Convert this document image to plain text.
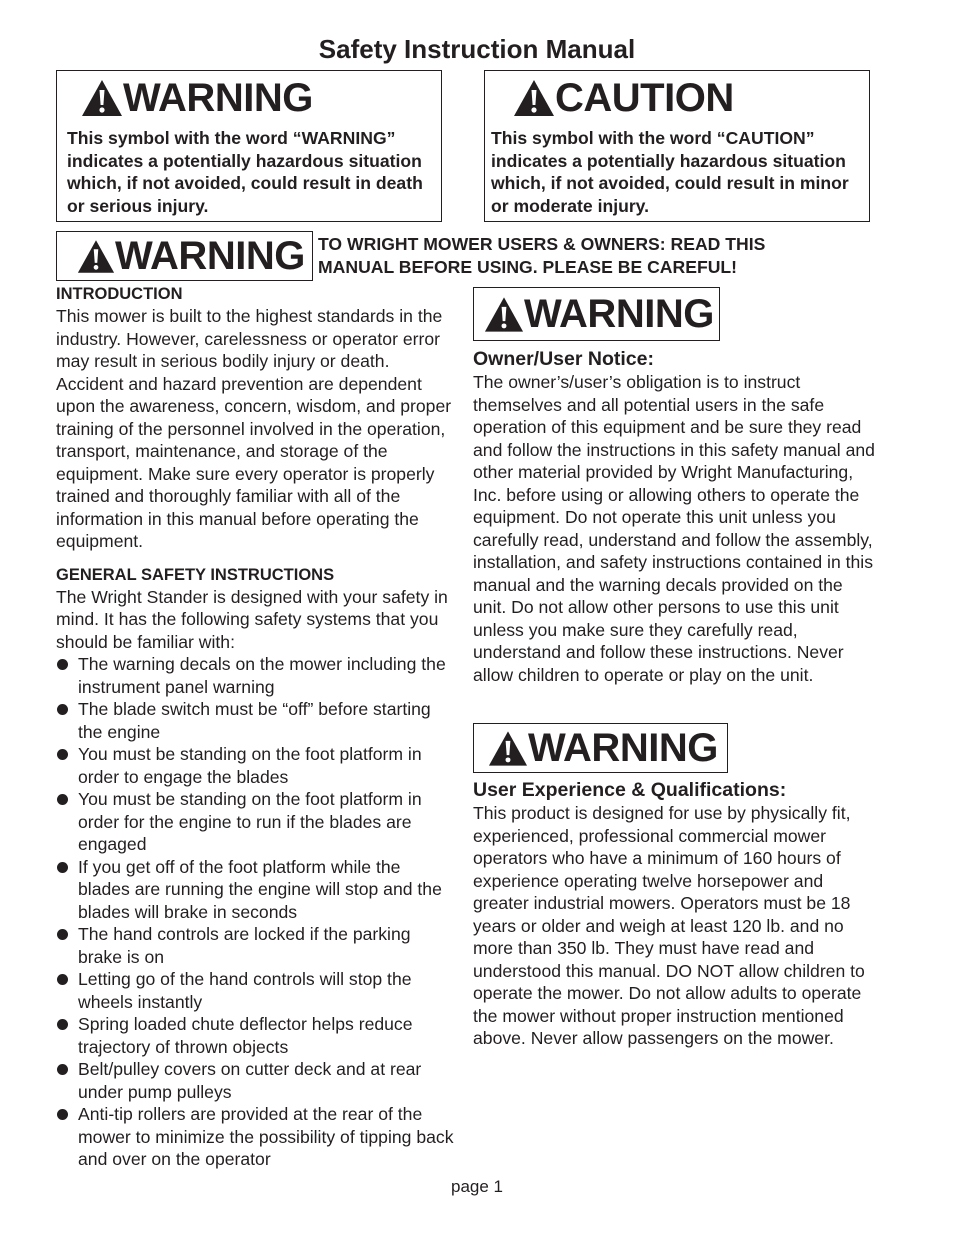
Safety Instruction Manual
WARNING
This symbol with the word “WARNING” indicates a potentially hazardous situation which, if not avoided, could result in death or serious injury.
CAUTION
This symbol with the word “CAUTION” indicates a potentially hazardous situation which, if not avoided, could result in minor or moderate injury.
WARNING TO WRIGHT MOWER USERS & OWNERS: READ THIS MANUAL BEFORE USING. PLEASE BE CAREFUL!
INTRODUCTION
This mower is built to the highest standards in the industry. However, carelessness or operator error may result in serious bodily injury or death. Accident and hazard prevention are dependent upon the awareness, concern, wisdom, and proper training of the personnel involved in the operation, transport, maintenance, and storage of the equipment. Make sure every operator is properly trained and thoroughly familiar with all of the information in this manual before operating the equipment.
GENERAL SAFETY INSTRUCTIONS
The Wright Stander is designed with your safety in mind. It has the following safety systems that you should be familiar with:
The warning decals on the mower including the instrument panel warning
The blade switch must be “off” before starting the engine
You must be standing on the foot platform in order to engage the blades
You must be standing on the foot platform in order for the engine to run if the blades are engaged
If you get off of the foot platform while the blades are running the engine will stop and the blades will brake in seconds
The hand controls are locked if the parking brake is on
Letting go of the hand controls will stop the wheels instantly
Spring loaded chute deflector helps reduce trajectory of thrown objects
Belt/pulley covers on cutter deck and at rear under pump pulleys
Anti-tip rollers are provided at the rear of the mower to minimize the possibility of tipping back and over on the operator
WARNING
Owner/User Notice:
The owner’s/user’s obligation is to instruct themselves and all potential users in the safe operation of this equipment and be sure they read and follow the instructions in this safety manual and other material provided by Wright Manufacturing, Inc. before using or allowing others to operate the equipment. Do not operate this unit unless you carefully read, understand and follow the assembly, installation, and safety instructions contained in this manual and the warning decals provided on the unit. Do not allow other persons to use this unit unless you make sure they carefully read, understand and follow these instructions. Never allow children to operate or play on the unit.
WARNING
User Experience & Qualifications:
This product is designed for use by physically fit, experienced, professional commercial mower operators who have a minimum of 160 hours of experience operating twelve horsepower and greater industrial mowers. Operators must be 18 years or older and weigh at least 120 lb. and no more than 350 lb. They must have read and understood this manual. DO NOT allow children to operate the mower. Do not allow adults to operate the mower without proper instruction mentioned above. Never allow passengers on the mower.
page 1
